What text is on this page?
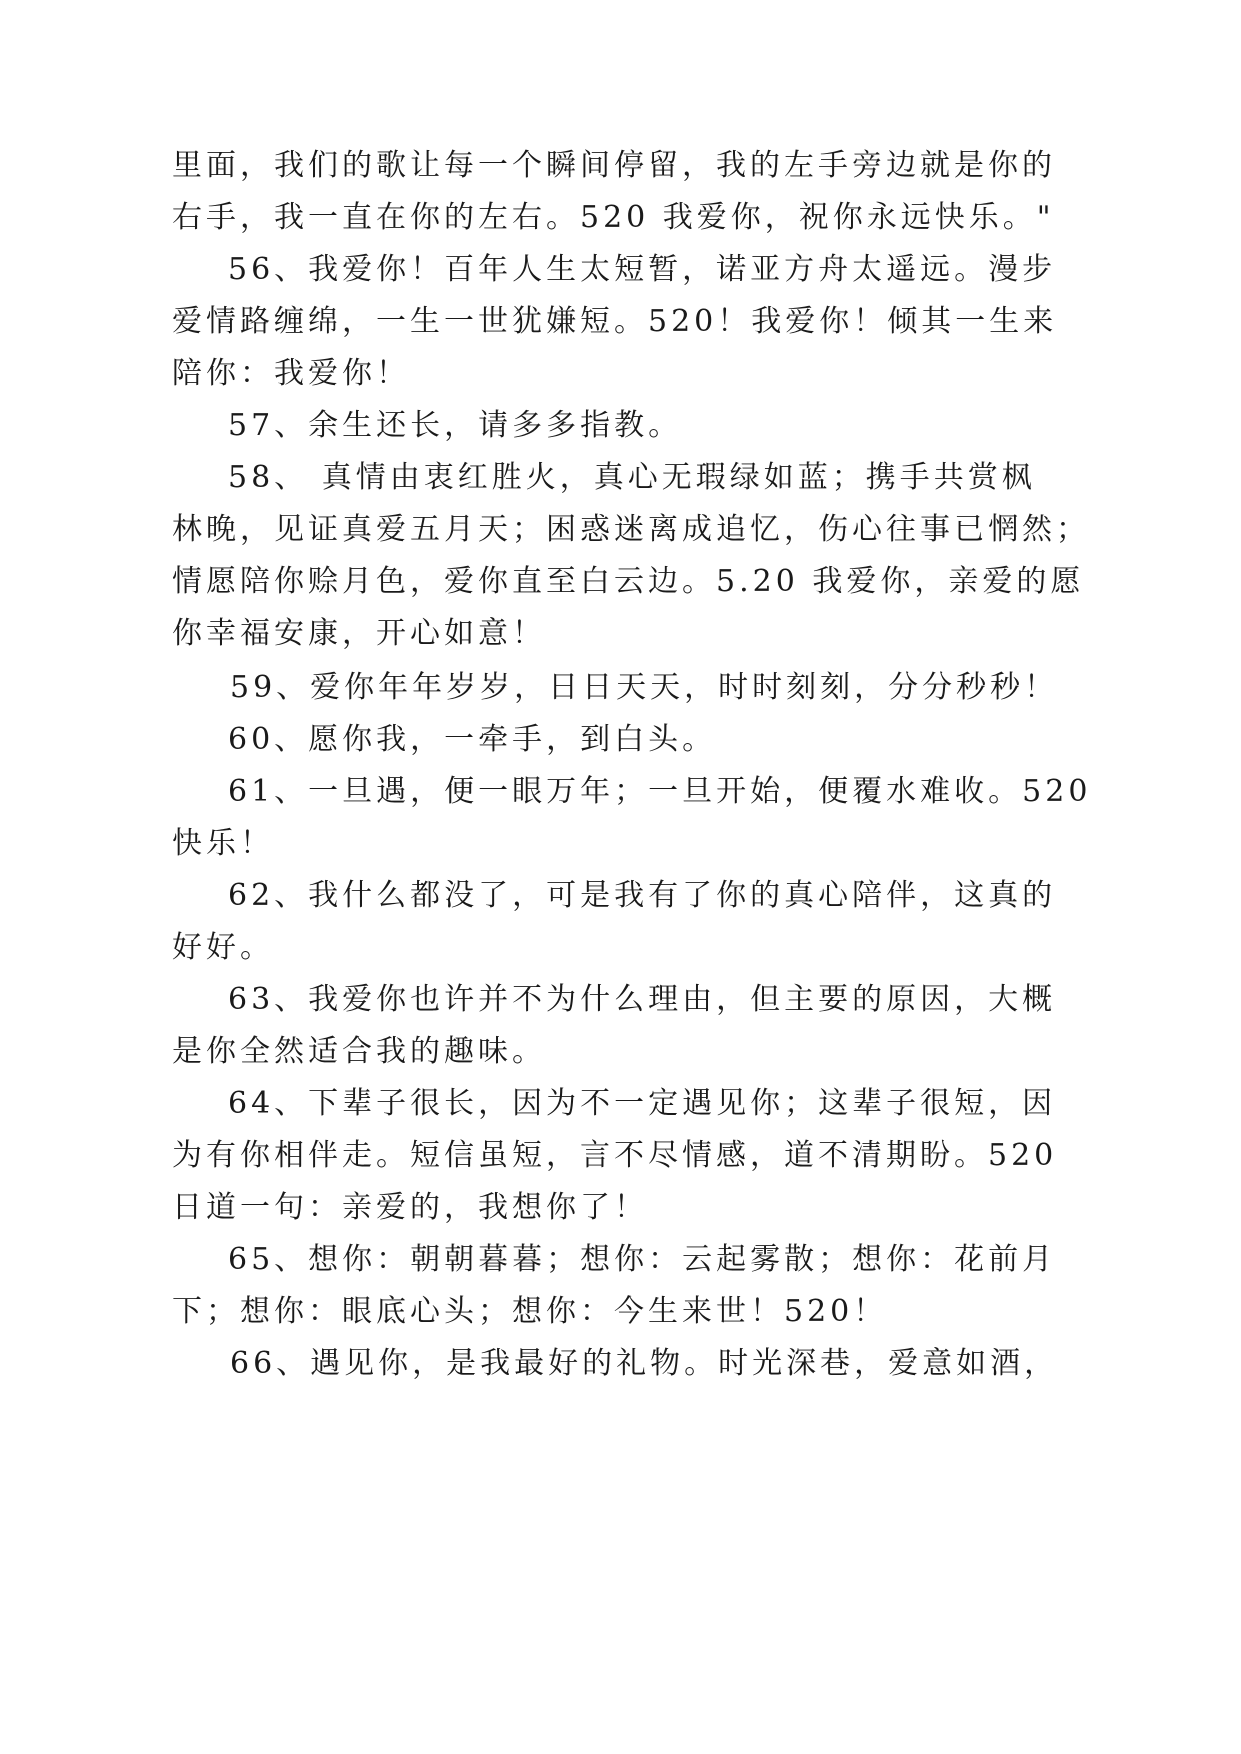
里面，我们的歌让每一个瞬间停留，我的左手旁边就是你的
右手，我一直在你的左右。520 我爱你，祝你永远快乐。"
56、我爱你！百年人生太短暂，诺亚方舟太遥远。漫步
爱情路缠绵，一生一世犹嫌短。520！我爱你！倾其一生来
陪你：我爱你！
57、余生还长，请多多指教。
58、 真情由衷红胜火，真心无瑕绿如蓝；携手共赏枫
林晚，见证真爱五月天；困惑迷离成追忆，伤心往事已惘然；
情愿陪你赊月色，爱你直至白云边。5.20 我爱你，亲爱的愿
你幸福安康，开心如意！
59、爱你年年岁岁，日日天天，时时刻刻，分分秒秒！
60、愿你我，一牵手，到白头。
61、一旦遇，便一眼万年；一旦开始，便覆水难收。520
快乐！
62、我什么都没了，可是我有了你的真心陪伴，这真的
好好。
63、我爱你也许并不为什么理由，但主要的原因，大概
是你全然适合我的趣味。
64、下辈子很长，因为不一定遇见你；这辈子很短，因
为有你相伴走。短信虽短，言不尽情感，道不清期盼。520
日道一句：亲爱的，我想你了！
65、想你：朝朝暮暮；想你：云起雾散；想你：花前月
下；想你：眼底心头；想你：今生来世！520！
66、遇见你，是我最好的礼物。时光深巷，爱意如酒，
